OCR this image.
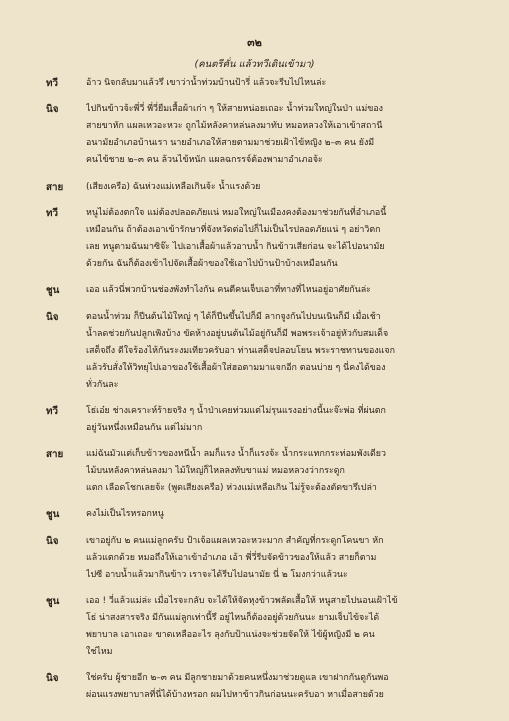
๓๒
(คนตรีคั่น แล้วทวีเดินเข้ามา)
ทวี	อ้าว นิจกลับมาแล้วรึ เขาว่าน้ำท่วมบ้านป้ารี่ แล้วจะรีบไปไหนล่ะ
นิจ	ไปกินข้าวจ้ะพี่วี่ พี่วี่ยืมเสื้อผ้าเก่า ๆ ให้สายหน่อยเถอะ น้ำท่วมใหญ่ในป่า แม่ของ
สายขาหัก แผลเหวอะหวะ ถูกไม้หลังคาหล่นลงมาทับ หมอหลวงให้เอาเข้าสถานี
อนามัยอำเภอบ้านเรา นายอำเภอให้สายตามมาช่วยเฝ้าไข้หญิง ๒–๓ คน ยังมี
คนไข้ชาย ๒–๓ คน ล้วนไข้หนัก แผลฉกรรจ์ต้องพามาอำเภอจ้ะ
สาย	(เสียงเครือ) ฉันห่วงแม่เหลือเกินจ้ะ น้ำแรงด้วย
ทวี	หนูไม่ต้องตกใจ แม่ต้องปลอดภัยแน่ หมอใหญ่ในเมืองคงต้องมาช่วยกันที่อำเภอนี้
เหมือนกัน ถ้าต้องเอาเข้ารักษาที่จังหวัดต่อไปก็ไม่เป็นไรปลอดภัยแน่ ๆ อย่าวิตก
เลย หนูตามฉันมาซิจ๊ะ ไปเอาเสื้อผ้าแล้วอาบน้ำ กินข้าวเสียก่อน จะได้ไปอนามัย
ด้วยกัน ฉันก็ต้องเข้าไปจัดเสื้อผ้าของใช้เอาไปบ้านป้าบ้างเหมือนกัน
ชูน	เออ แล้วนี่พวกบ้านช่องพังทำไงกัน คนตีคนเจ็บเอาที่ทางที่ไหนอยู่อาศัยกันล่ะ
นิจ	ตอนน้ำท่วม ก็ปีนต้นไม้ใหญ่ ๆ ได้ก็ปีนขึ้นไปก็มี ลากจูงกันไปบนเนินก็มี เมื่อเช้า
น้ำลดช่วยกันปลูกเพิงบ้าง ขัดห้างอยู่บนต้นไม้อยู่กันก็มี พอพระเจ้าอยู่หัวกับสมเด็จ
เสด็จถึง ดีใจร้องไห้กันระงมเทียวครับอา ท่านเสด็จปลอบโยน พระราชทานของแจก
แล้วรับสั่งให้วิทยุไปเอาของใช้เสื้อผ้าใส่ฮอตามมาแจกอีก ตอนบ่าย ๆ นี่คงได้ของ
ทั่วกันละ
ทวี	โธ่เอ๋ย ช่างเคราะห์ร้ายจริง ๆ น้ำป่าเคยท่วมแต่ไม่รุนแรงอย่างนี้นะจ๊ะพ่อ ที่ผ่นตก
อยู่วันหนึ่งเหมือนกัน แต่ไม่มาก
สาย	แม่ฉันมัวแต่เก็บข้าวของหนีน้ำ ลมก็แรง น้ำก็แรงจ้ะ น้ำกระแทกกระท่อมพังเดียว
ไม้บนหลังคาหล่นลงมา ไม้ใหญ่ก็ไหลลงทับขาแม่ หมอหลวงว่ากระดูก
แตก เลือดโชกเลยจ้ะ (พูดเสียงเครือ) ห่วงแม่เหลือเกิน ไม่รู้จะต้องตัดขารึเปล่า
ชูน	คงไม่เป็นไรหรอกหนู
นิจ	เขาอยู่กับ ๒ คนแม่ลูกครับ ป้าเจ้อแผลเหวอะหวะมาก สำคัญที่กระดูกโคนขา หัก
แล้วแตกด้วย หมอถึงให้เอาเข้าอำเภอ เอ้า พี่วี่รีบจัดข้าวของให้แล้ว สายก็ตาม
ไปซี อาบน้ำแล้วมากินข้าว เราจะได้รีบไปอนามัย นี่ ๒ โมงกว่าแล้วนะ
ชูน	เออ ! วี่แล้วแม่ล่ะ เมื่อไรจะกลับ จะได้ให้จัดหุงข้าวพลัดเสื้อให้ หนูสายไปนอนเฝ้าไข้
โธ่ น่าสงสารจริง มีกันแม่ลูกเท่านี้รึ อยู่ไหนก็ต้องอยู่ด้วยกันนะ ยามเจ็บไข้จะได้
พยาบาล เอาเถอะ ขาดเหลืออะไร ลุงกับป้าแน่งจะช่วยจัดให้ ไข้ผู้หญิงมี ๒ คน
ใช่ไหม
นิจ	ใช่ครับ ผู้ชายอีก ๒–๓ คน มีลูกชายมาด้วยคนหนึ่งมาช่วยดูแล เขาฝากกันดูกันพอ
ผ่อนแรงพยาบาลที่นี่ได้บ้างหรอก ผมไปหาข้าวกินก่อนนะครับอา หาเมื่อสายด้วย
